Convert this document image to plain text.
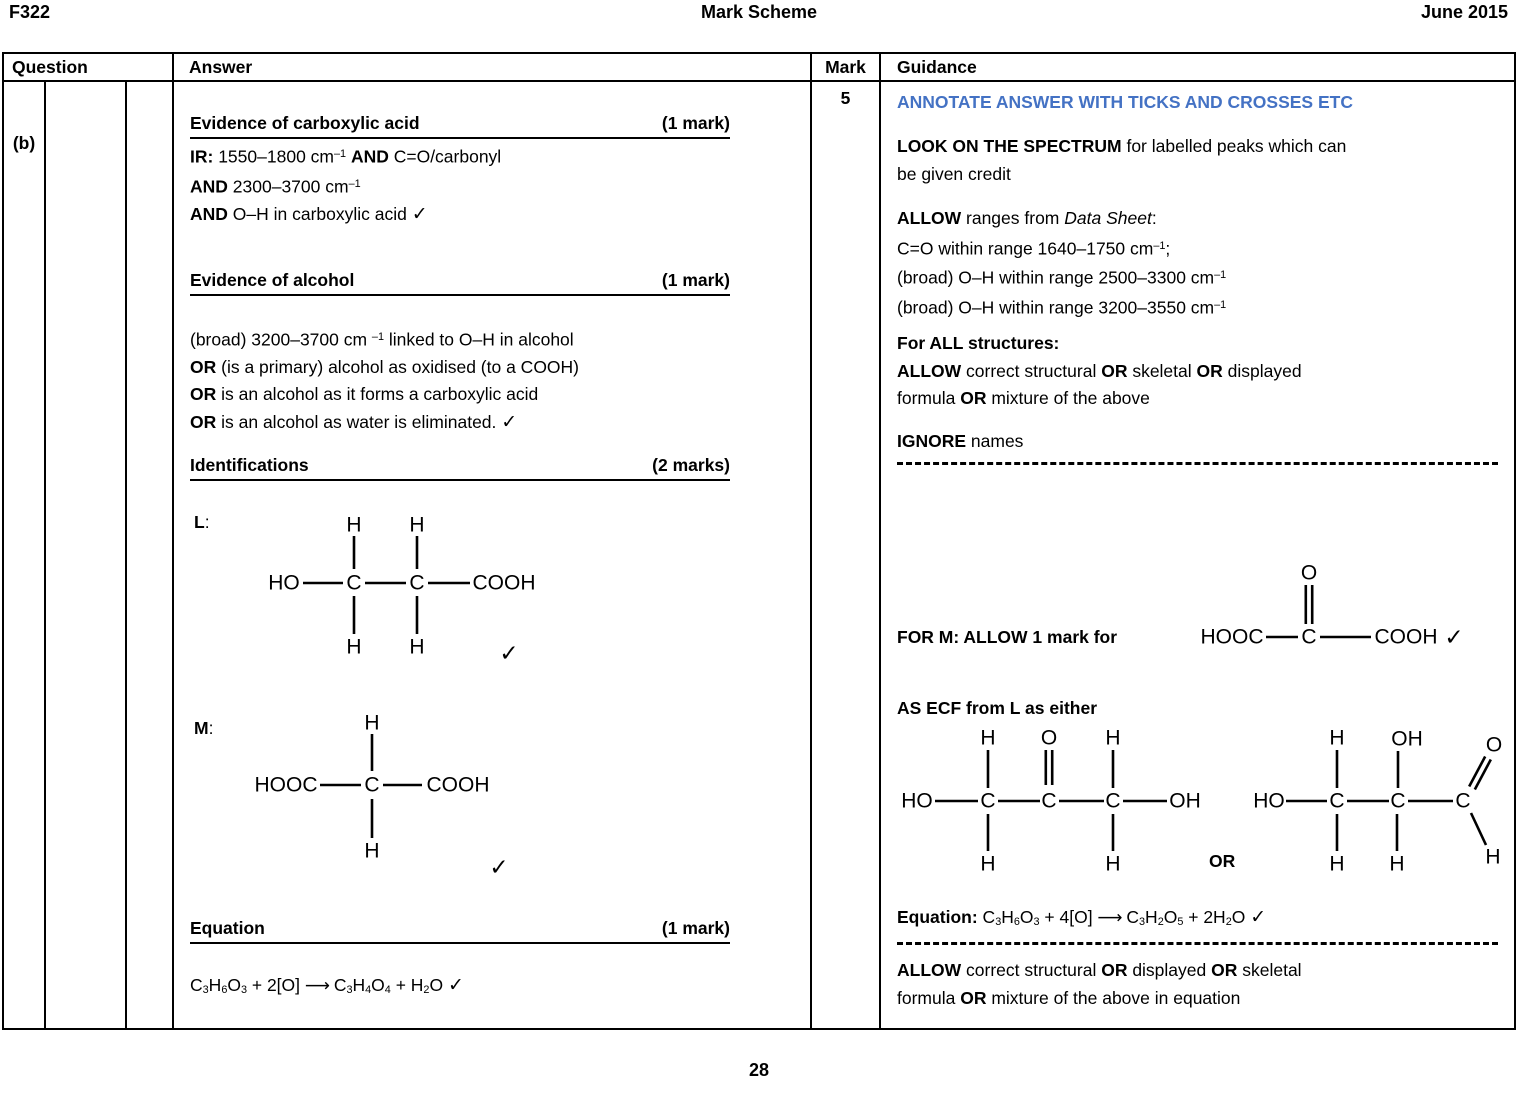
F322	Mark Scheme	June 2015
Question	Answer	Mark	Guidance
(b)
Evidence of carboxylic acid	(1 mark)
IR: 1550–1800 $cm^{-1}$ AND C=O/carbonyl
AND 2300–3700 $cm^{-1}$
AND O–H in carboxylic acid ✓
Evidence of alcohol	(1 mark)
(broad) 3200–3700 cm $^{-1}$ linked to O–H in alcohol
OR (is a primary) alcohol as oxidised (to a COOH)
OR is an alcohol as it forms a carboxylic acid
OR is an alcohol as water is eliminated. ✓
Identifications	(2 marks)
L:
HO C C COOH
H H
H H	✓
M:
HOOC C COOH
H
H
✓
Equation	(1 mark)
$C_3H_6O_3 + 2[O]$ ⟶ $C_3H_4O_4 + H_2O$ ✓
5	ANNOTATE ANSWER WITH TICKS AND CROSSES ETC
LOOK ON THE SPECTRUM for labelled peaks which can
be given credit
ALLOW ranges from Data Sheet:
C=O within range 1640–1750 $cm^{-1}$;
(broad) O–H within range 2500–3300 $cm^{-1}$
(broad) O–H within range 3200–3550 $cm^{-1}$
For ALL structures:
ALLOW correct structural OR skeletal OR displayed
formula OR mixture of the above
IGNORE names
FOR M: ALLOW 1 mark for	HOOC C	COOH
O
✓
AS ECF from L as either
HO C C C OH
H O H
H	H	OR
HO C C C
H OH	O
H H	H
Equation: $C_3H_6O_3 + 4[O]$ ⟶ $C_3H_2O_5 + 2H_2O$ ✓
ALLOW correct structural OR displayed OR skeletal
formula OR mixture of the above in equation
28
